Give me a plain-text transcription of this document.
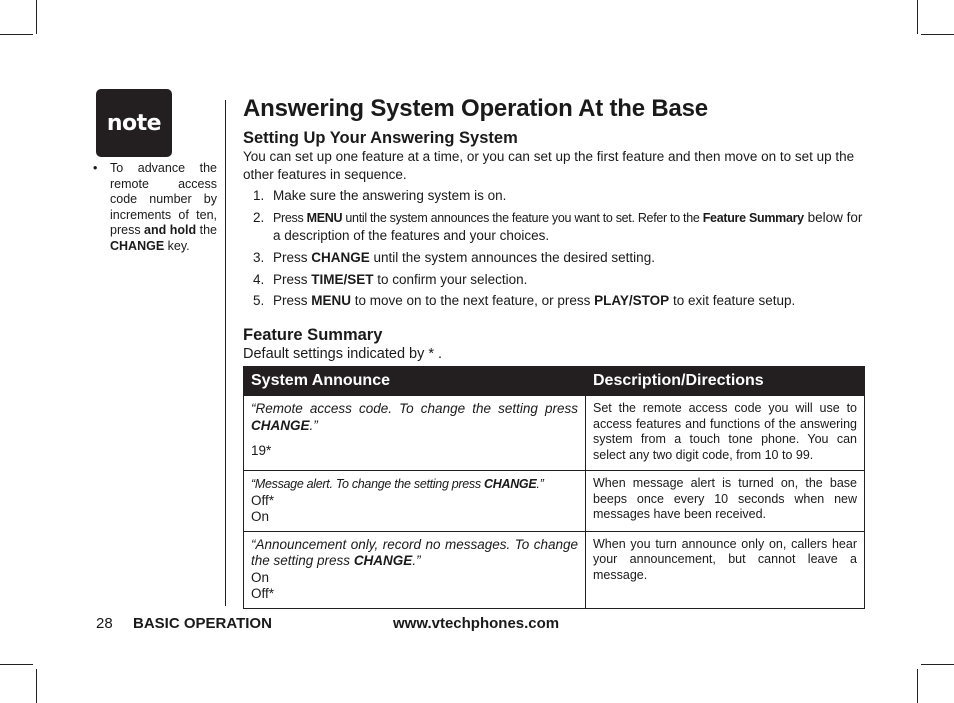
note
• To advance the remote access code number by increments of ten, press and hold the CHANGE key.
Answering System Operation At the Base
Setting Up Your Answering System
You can set up one feature at a time, or you can set up the first feature and then move on to set up the other features in sequence.
1. Make sure the answering system is on.
2. Press MENU until the system announces the feature you want to set. Refer to the Feature Summary below for a description of the features and your choices.
3. Press CHANGE until the system announces the desired setting.
4. Press TIME/SET to confirm your selection.
5. Press MENU to move on to the next feature, or press PLAY/STOP to exit feature setup.
Feature Summary
Default settings indicated by * .
System Announce	Description/Directions

“Remote access code. To change the setting press CHANGE.”
19*	Set the remote access code you will use to access features and functions of the answering system from a touch tone phone. You can select any two digit code, from 10 to 99.

“Message alert. To change the setting press CHANGE.”
Off*
On	When message alert is turned on, the base beeps once every 10 seconds when new messages have been received.

“Announcement only, record no messages. To change the setting press CHANGE.”
On
Off*	When you turn announce only on, callers hear your announcement, but cannot leave a message.
28 BASIC OPERATION	www.vtechphones.com
